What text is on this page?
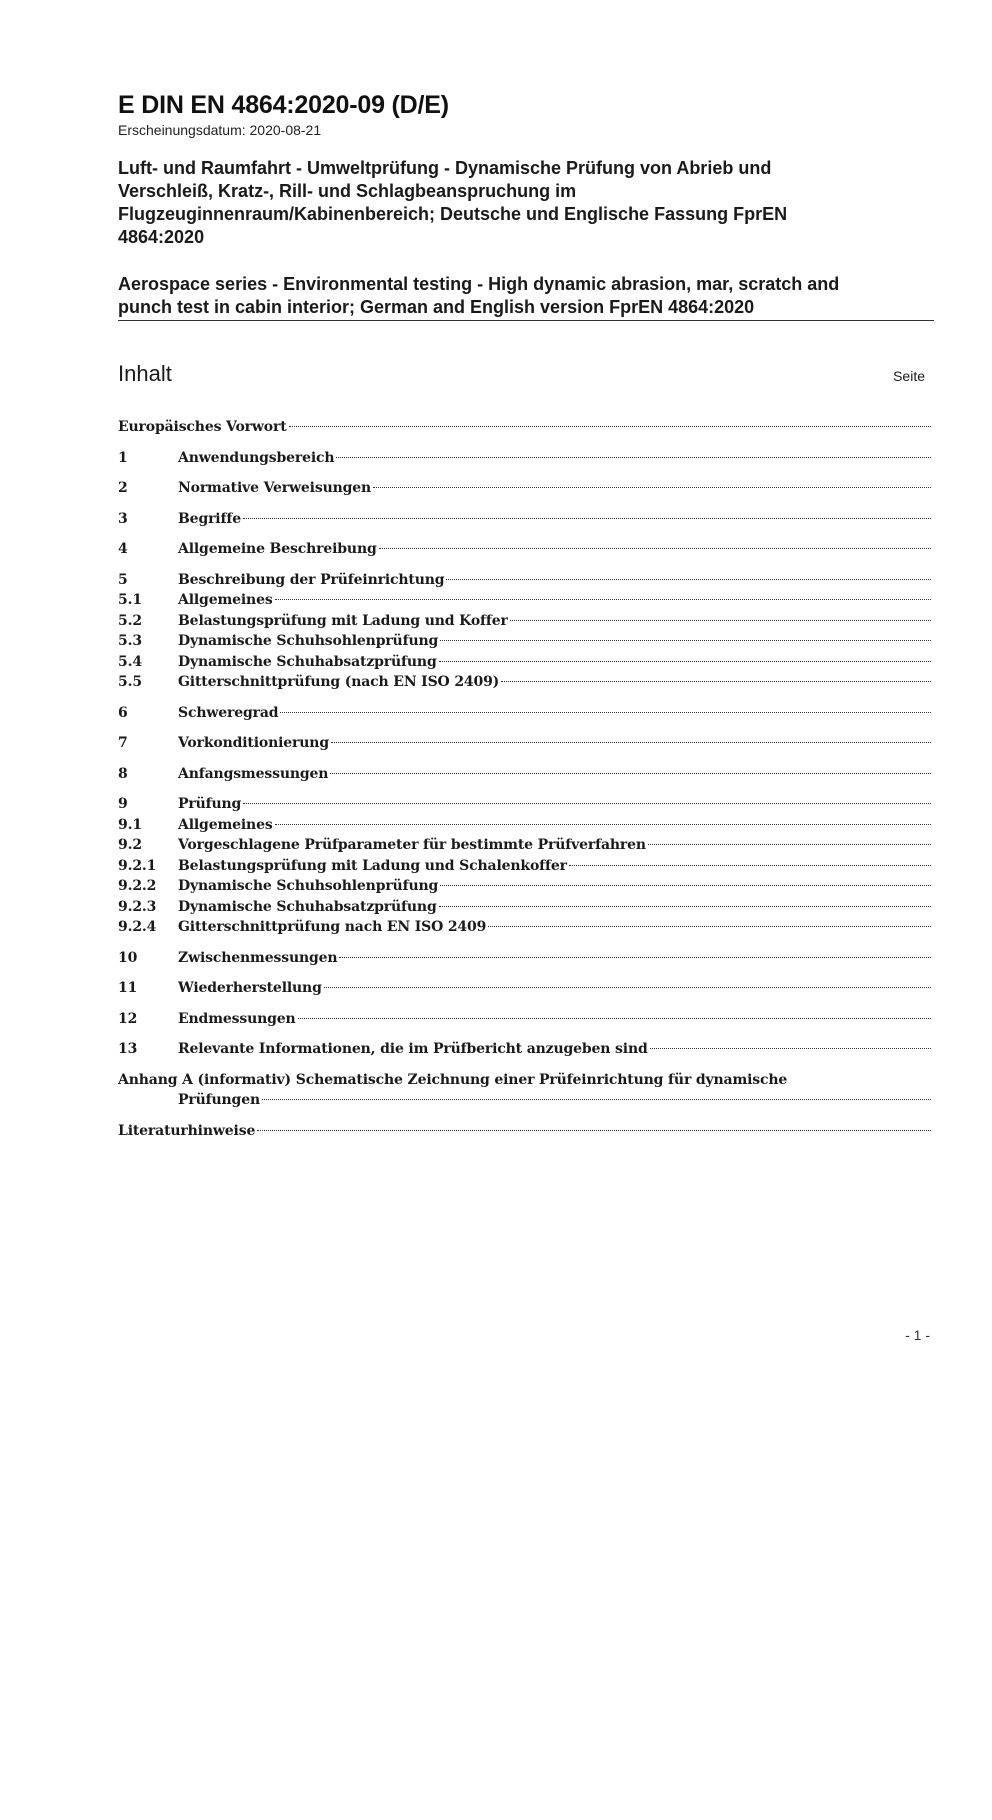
E DIN EN 4864:2020-09 (D/E)
Erscheinungsdatum: 2020-08-21
Luft- und Raumfahrt - Umweltprüfung - Dynamische Prüfung von Abrieb und
Verschleiß, Kratz-, Rill- und Schlagbeanspruchung im
Flugzeuginnenraum/Kabinenbereich; Deutsche und Englische Fassung FprEN
4864:2020
Aerospace series - Environmental testing - High dynamic abrasion, mar, scratch and
punch test in cabin interior; German and English version FprEN 4864:2020
Inhalt	Seite
Europäisches Vorwort
1	Anwendungsbereich
2	Normative Verweisungen
3	Begriffe
4	Allgemeine Beschreibung
5	Beschreibung der Prüfeinrichtung
5.1	Allgemeines
5.2	Belastungsprüfung mit Ladung und Koffer
5.3	Dynamische Schuhsohlenprüfung
5.4	Dynamische Schuhabsatzprüfung
5.5	Gitterschnittprüfung (nach EN ISO 2409)
6	Schweregrad
7	Vorkonditionierung
8	Anfangsmessungen
9	Prüfung
9.1	Allgemeines
9.2	Vorgeschlagene Prüfparameter für bestimmte Prüfverfahren
9.2.1	Belastungsprüfung mit Ladung und Schalenkoffer
9.2.2	Dynamische Schuhsohlenprüfung
9.2.3	Dynamische Schuhabsatzprüfung
9.2.4	Gitterschnittprüfung nach EN ISO 2409
10	Zwischenmessungen
11	Wiederherstellung
12	Endmessungen
13	Relevante Informationen, die im Prüfbericht anzugeben sind
Anhang A (informativ) Schematische Zeichnung einer Prüfeinrichtung für dynamische
Prüfungen
Literaturhinweise
- 1 -
